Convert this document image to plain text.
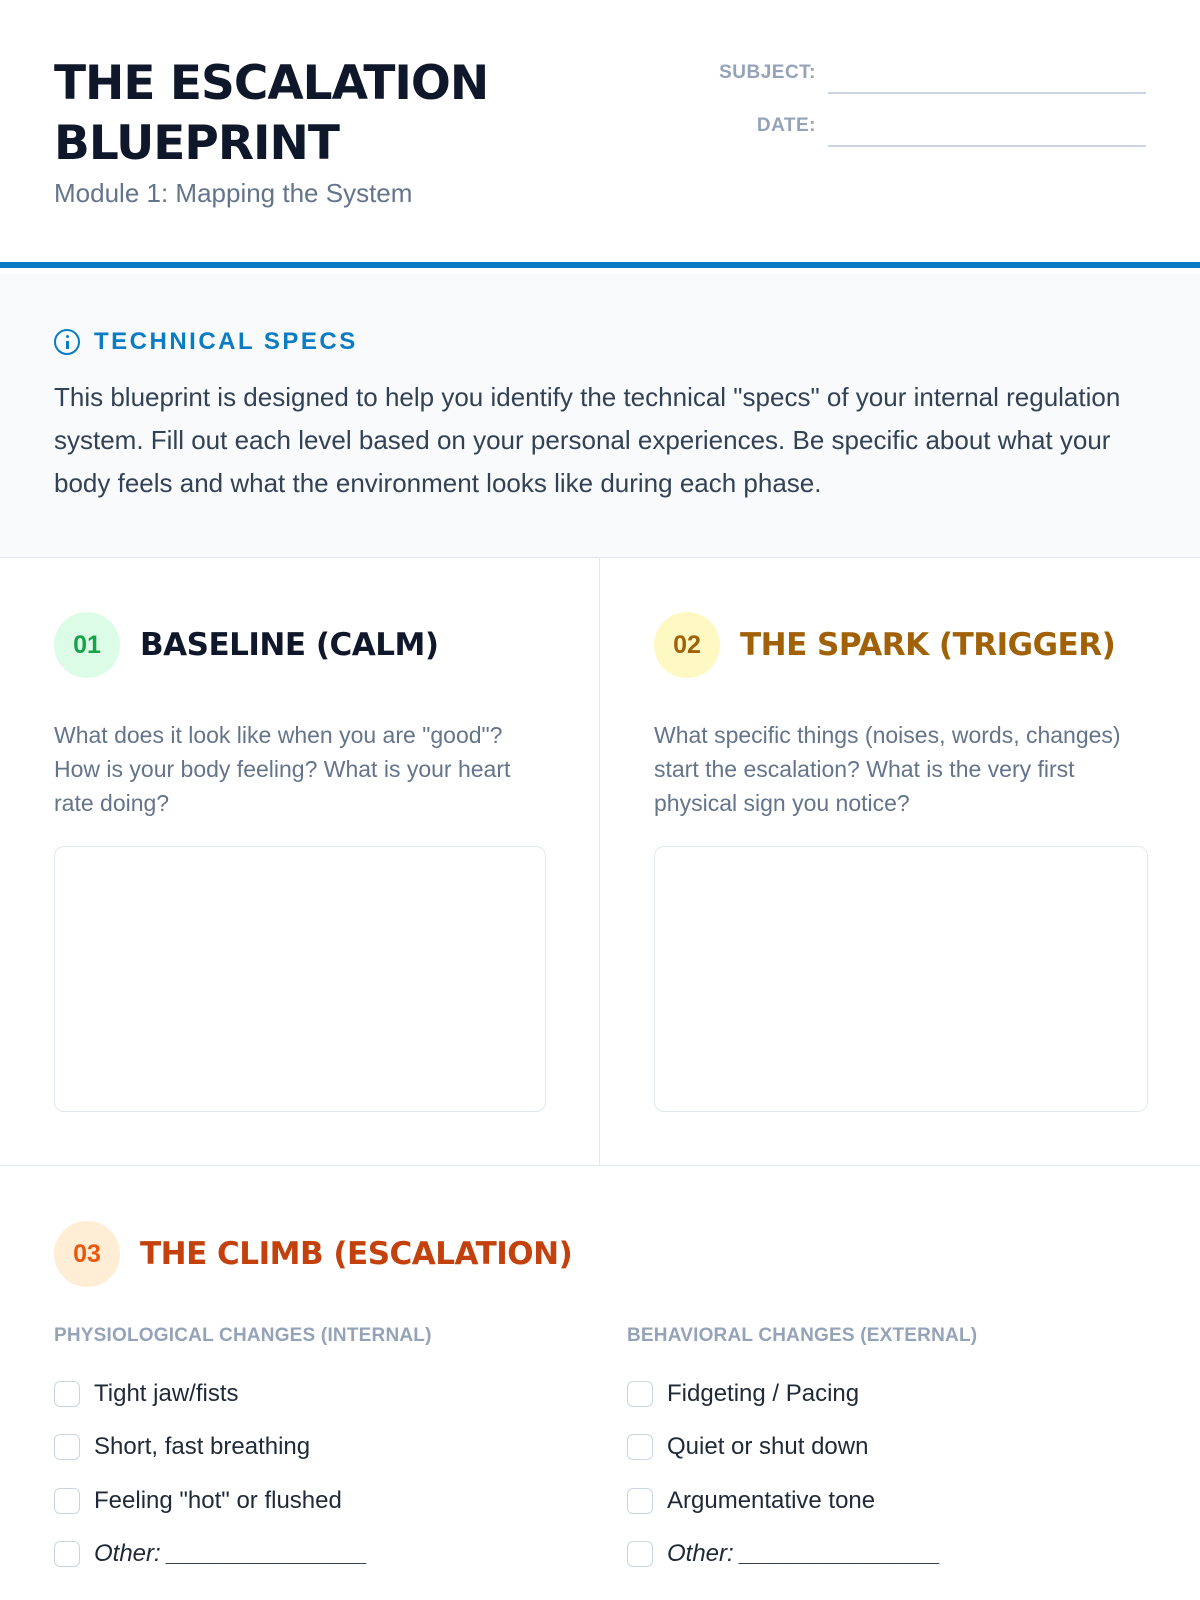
THE ESCALATION
BLUEPRINT
Module 1: Mapping the System
SUBJECT:
DATE:
TECHNICAL SPECS

This blueprint is designed to help you identify the technical "specs" of your internal regulation system. Fill out each level based on your personal experiences. Be specific about what your body feels and what the environment looks like during each phase.

01	BASELINE (CALM)

What does it look like when you are "good"? How is your body feeling? What is your heart rate doing?

02	THE SPARK (TRIGGER)

What specific things (noises, words, changes) start the escalation? What is the very first physical sign you notice?

03	THE CLIMB (ESCALATION)
PHYSIOLOGICAL CHANGES (INTERNAL)
Tight jaw/fists
Short, fast breathing
Feeling "hot" or flushed
Other: _______________
BEHAVIORAL CHANGES (EXTERNAL)
Fidgeting / Pacing
Quiet or shut down
Argumentative tone
Other: _______________
